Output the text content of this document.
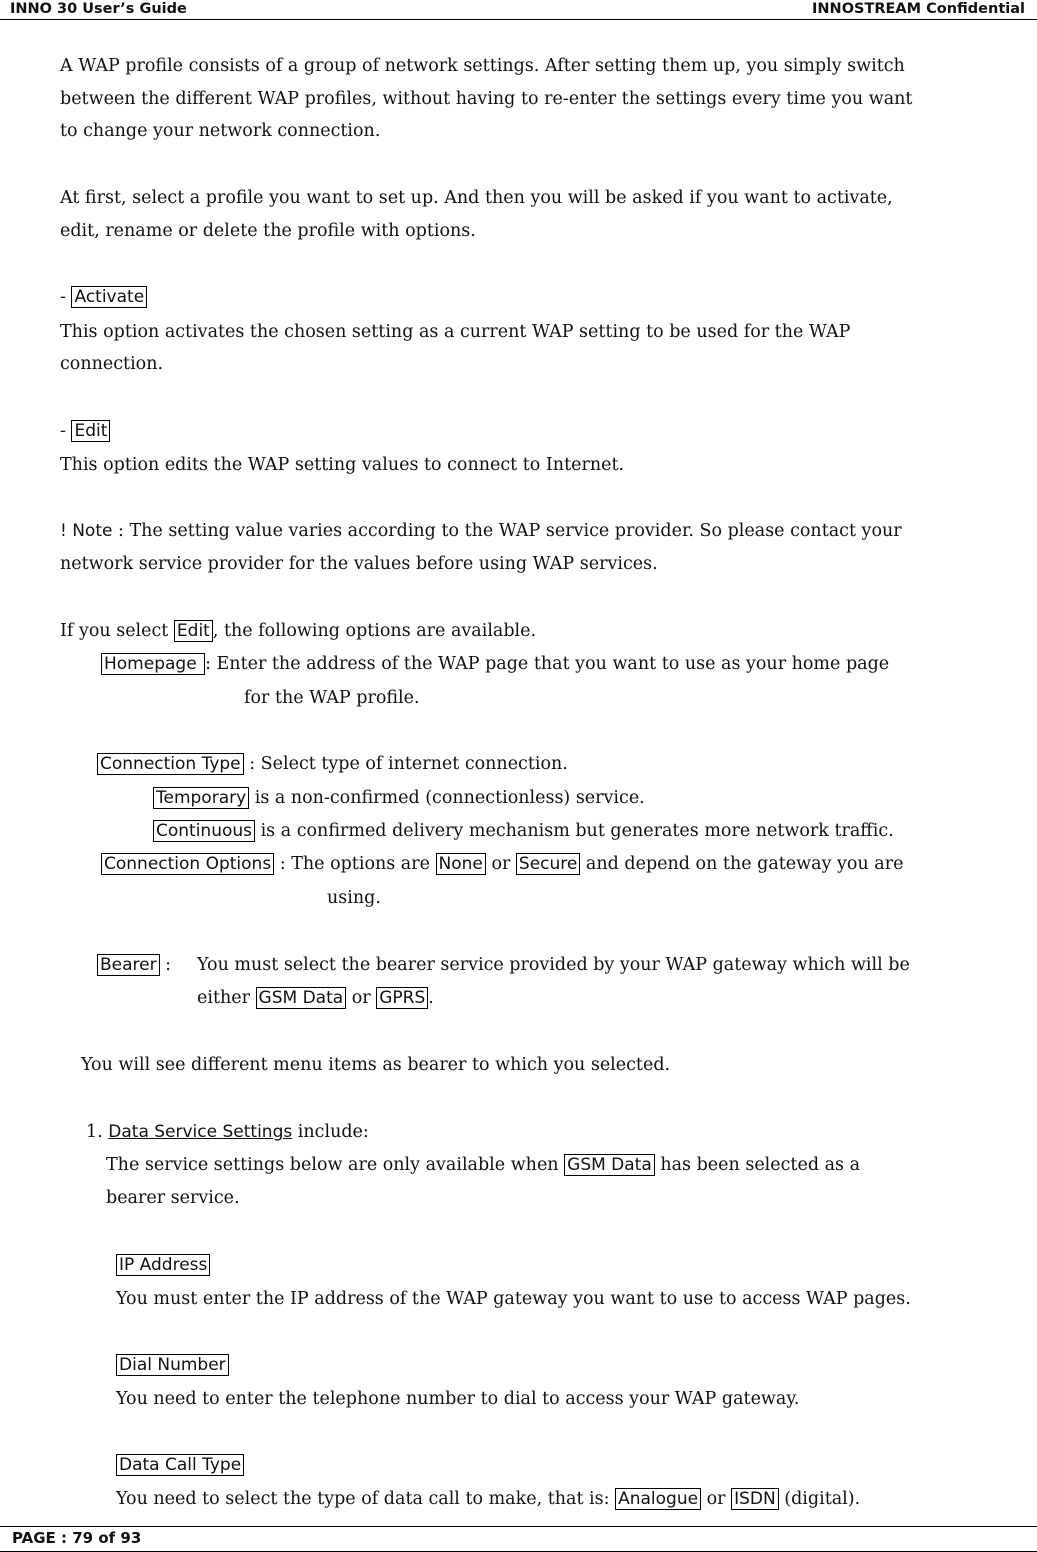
INNO 30 User’s Guide	INNOSTREAM Confidential
A WAP profile consists of a group of network settings. After setting them up, you simply switch
between the different WAP profiles, without having to re-enter the settings every time you want
to change your network connection.
At first, select a profile you want to set up. And then you will be asked if you want to activate,
edit, rename or delete the profile with options.
- Activate
This option activates the chosen setting as a current WAP setting to be used for the WAP
connection.
- Edit
This option edits the WAP setting values to connect to Internet.
! Note : The setting value varies according to the WAP service provider. So please contact your
network service provider for the values before using WAP services.
If you select Edit , the following options are available.
Homepage : Enter the address of the WAP page that you want to use as your home page
for the WAP profile.
Connection Type : Select type of internet connection.
Temporary is a non-confirmed (connectionless) service.
Continuous is a confirmed delivery mechanism but generates more network traffic.
Connection Options : The options are None or Secure and depend on the gateway you are
using.
Bearer : You must select the bearer service provided by your WAP gateway which will be
either GSM Data or GPRS .
You will see different menu items as bearer to which you selected.
1. Data Service Settings include:
The service settings below are only available when GSM Data has been selected as a
bearer service.
IP Address
You must enter the IP address of the WAP gateway you want to use to access WAP pages.
Dial Number
You need to enter the telephone number to dial to access your WAP gateway.
Data Call Type
You need to select the type of data call to make, that is: Analogue or ISDN (digital).
PAGE : 79 of 93
